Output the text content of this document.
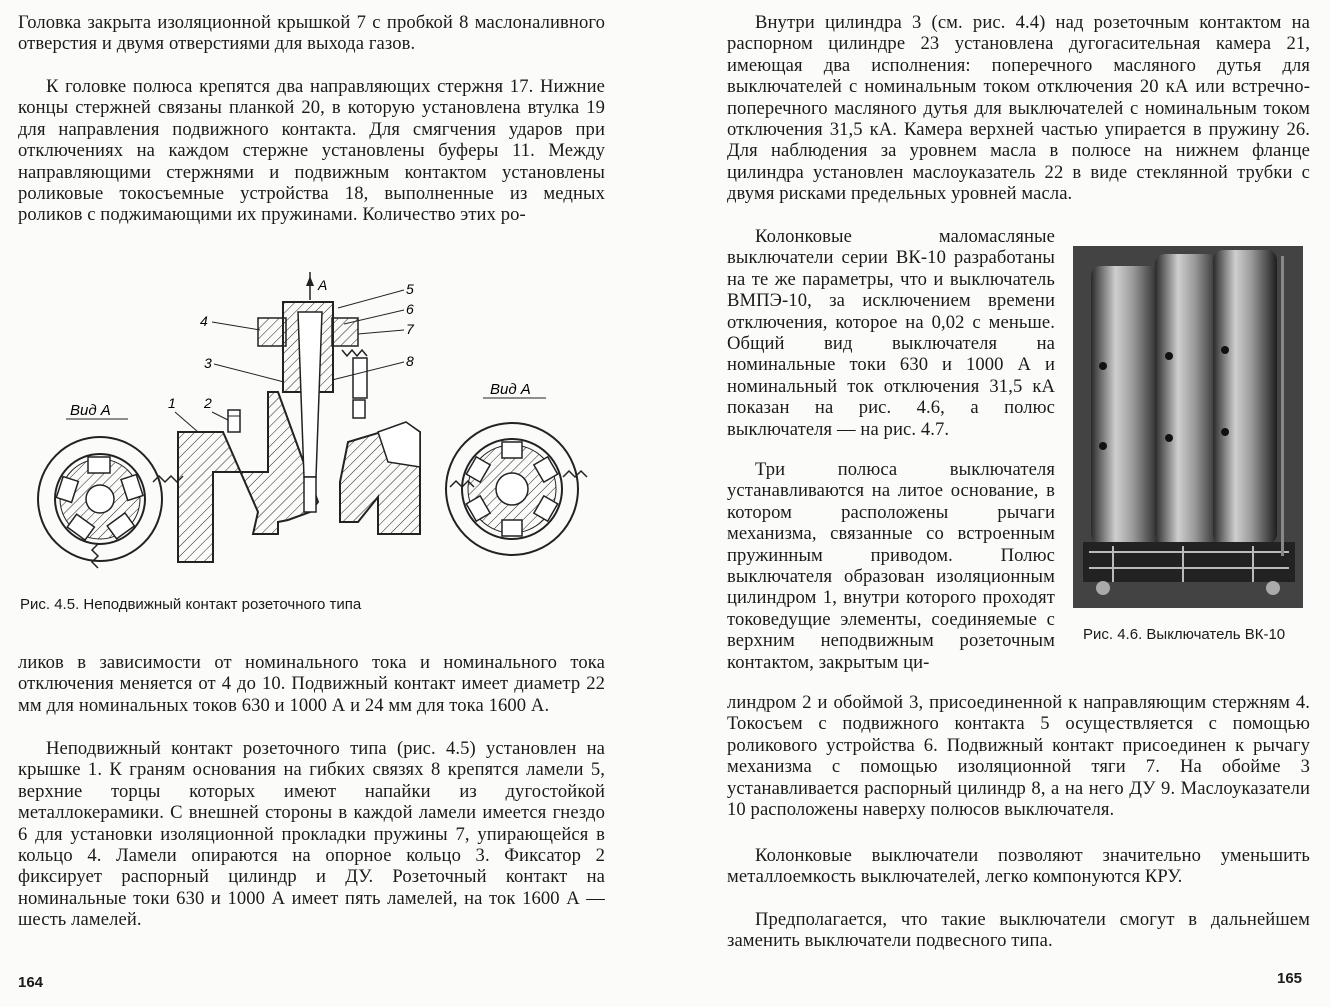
Головка закрыта изоляционной крышкой 7 с пробкой 8 маслоналивного отверстия и двумя отверстиями для выхода газов.

К головке полюса крепятся два направляющих стержня 17. Нижние концы стержней связаны планкой 20, в которую установлена втулка 19 для направления подвижного контакта. Для смягчения ударов при отключениях на каждом стержне установлены буферы 11. Между направляющими стержнями и подвижным контактом установлены роликовые токосъемные устройства 18, выполненные из медных роликов с поджимающими их пружинами. Количество этих ро-

Вид А
А
1 2
3
4
5
6
7
8
Вид А

Рис. 4.5. Неподвижный контакт розеточного типа

ликов в зависимости от номинального тока и номинального тока отключения меняется от 4 до 10. Подвижный контакт имеет диаметр 22 мм для номинальных токов 630 и 1000 А и 24 мм для тока 1600 А.

Неподвижный контакт розеточного типа (рис. 4.5) установлен на крышке 1. К граням основания на гибких связях 8 крепятся ламели 5, верхние торцы которых имеют напайки из дугостойкой металлокерамики. С внешней стороны в каждой ламели имеется гнездо 6 для установки изоляционной прокладки пружины 7, упирающейся в кольцо 4. Ламели опираются на опорное кольцо 3. Фиксатор 2 фиксирует распорный цилиндр и ДУ. Розеточный контакт на номинальные токи 630 и 1000 А имеет пять ламелей, на ток 1600 А — шесть ламелей.

164

Внутри цилиндра 3 (см. рис. 4.4) над розеточным контактом на распорном цилиндре 23 установлена дугогасительная камера 21, имеющая два исполнения: поперечного масляного дутья для выключателей с номинальным током отключения 20 кА или встречно-поперечного масляного дутья для выключателей с номинальным током отключения 31,5 кА. Камера верхней частью упирается в пружину 26. Для наблюдения за уровнем масла в полюсе на нижнем фланце цилиндра установлен маслоуказатель 22 в виде стеклянной трубки с двумя рисками предельных уровней масла.

Колонковые маломасляные выключатели серии ВК-10 разработаны на те же параметры, что и выключатель ВМПЭ-10, за исключением времени отключения, которое на 0,02 с меньше. Общий вид выключателя на номинальные токи 630 и 1000 А и номинальный ток отключения 31,5 кА показан на рис. 4.6, а полюс выключателя — на рис. 4.7.

Три полюса выключателя устанавливаются на литое основание, в котором расположены рычаги механизма, связанные со встроенным пружинным приводом. Полюс выключателя образован изоляционным цилиндром 1, внутри которого проходят токоведущие элементы, соединяемые с верхним неподвижным розеточным контактом, закрытым ци-

Рис. 4.6. Выключатель ВК-10

линдром 2 и обоймой 3, присоединенной к направляющим стержням 4. Токосъем с подвижного контакта 5 осуществляется с помощью роликового устройства 6. Подвижный контакт присоединен к рычагу механизма с помощью изоляционной тяги 7. На обойме 3 устанавливается распорный цилиндр 8, а на него ДУ 9. Маслоуказатели 10 расположены наверху полюсов выключателя.

Колонковые выключатели позволяют значительно уменьшить металлоемкость выключателей, легко компонуются КРУ.

Предполагается, что такие выключатели смогут в дальнейшем заменить выключатели подвесного типа.

165
